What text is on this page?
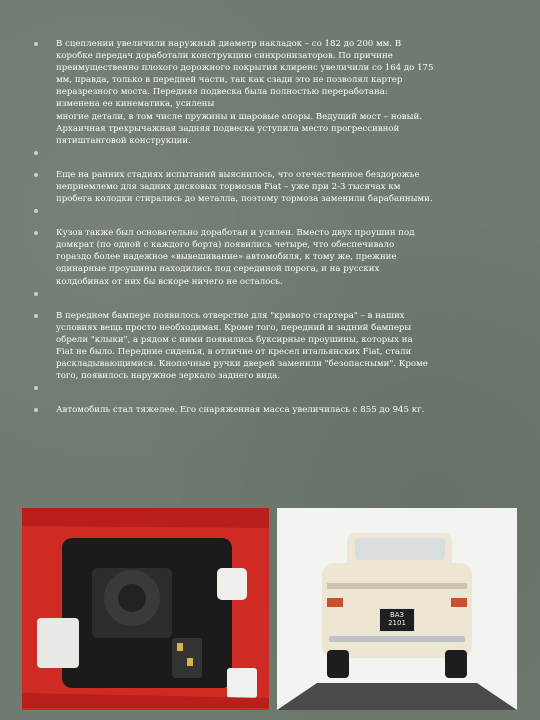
В сцеплении увеличили наружный диаметр накладок – со 182 до 200 мм. В
коробке передач доработали конструкцию синхронизаторов. По причине
преимущественно плохого дорожного покрытия клиренс увеличили со 164 до 175
мм, правда, только в передней части, так как сзади это не позволял картер
неразрезного моста. Передняя подвеска была полностью переработана:
изменена ее кинематика, усилены
многие детали, в том числе пружины и шаровые опоры. Ведущий мост – новый.
Архаичная трехрычажная задняя подвеска уступила место прогрессивной
пятиштанговой конструкции.
Еще на ранних стадиях испытаний выяснилось, что отечественное бездорожье
неприемлемо для задних дисковых тормозов Fiat – уже при 2-3 тысячах км
пробега колодки стирались до металла, поэтому тормоза заменили барабанными.
Кузов также был основательно доработан и усилен. Вместо двух проушин под
домкрат (по одной с каждого борта) появились четыре, что обеспечивало
гораздо более надежное «вывешивание» автомобиля, к тому же, прежние
одинарные проушины находились под серединой порога, и на русских
колдобинах от них бы вскоре ничего не осталось.
В переднем бампере появилось отверстие для "кривого стартера" – в наших
условиях вещь просто необходимая. Кроме того, передний и задний бамперы
обрели "клыки", а рядом с ними появились буксирные проушины, которых на
Fiat не было. Передние сиденья, в отличие от кресел итальянских Fiat, стали
раскладывающимися. Кнопочные ручки дверей заменили "безопасными". Кроме
того, появилось наружное зеркало заднего вида.
Автомобиль стал тяжелее. Его снаряженная масса увеличилась с 855 до 945 кг.
ВАЗ
2101
